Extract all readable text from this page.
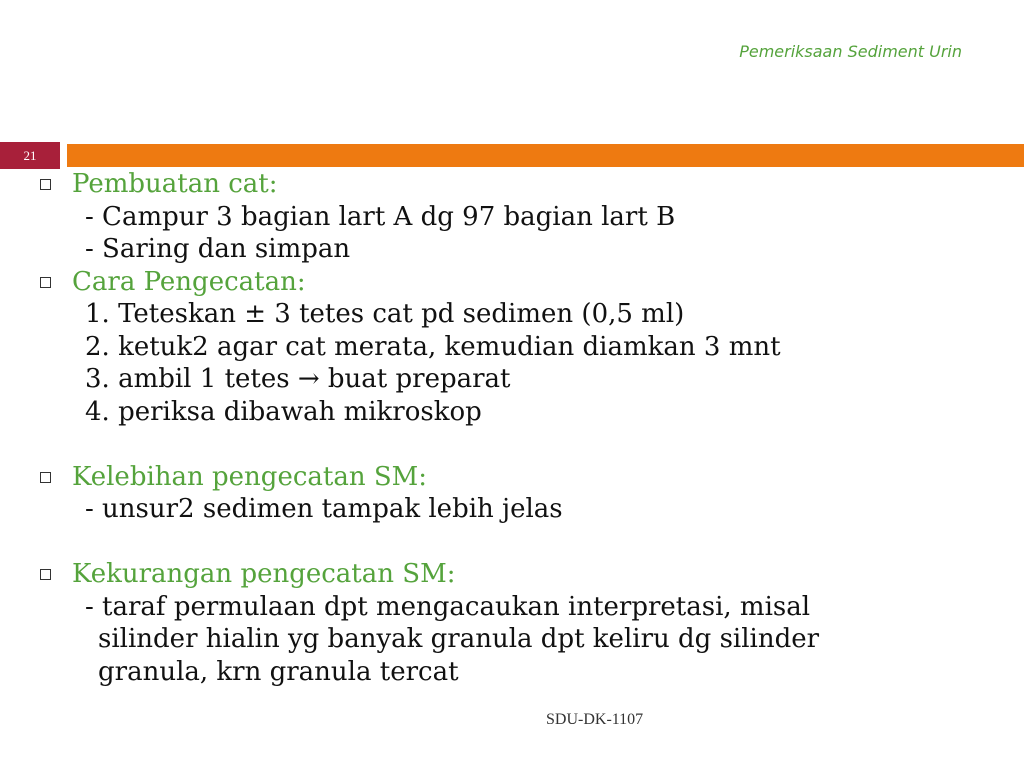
Pemeriksaan Sediment Urin
21
Pembuatan cat:
- Campur 3 bagian lart A dg 97 bagian lart B
- Saring dan simpan
Cara Pengecatan:
1. Teteskan ± 3 tetes cat pd sedimen (0,5 ml)
2. ketuk2 agar cat merata, kemudian diamkan 3 mnt
3. ambil 1 tetes → buat preparat
4. periksa dibawah mikroskop
Kelebihan pengecatan SM:
- unsur2 sedimen tampak lebih jelas
Kekurangan pengecatan SM:
- taraf permulaan dpt mengacaukan interpretasi, misal
silinder hialin yg banyak granula dpt keliru dg silinder
granula, krn granula tercat
SDU-DK-1107
